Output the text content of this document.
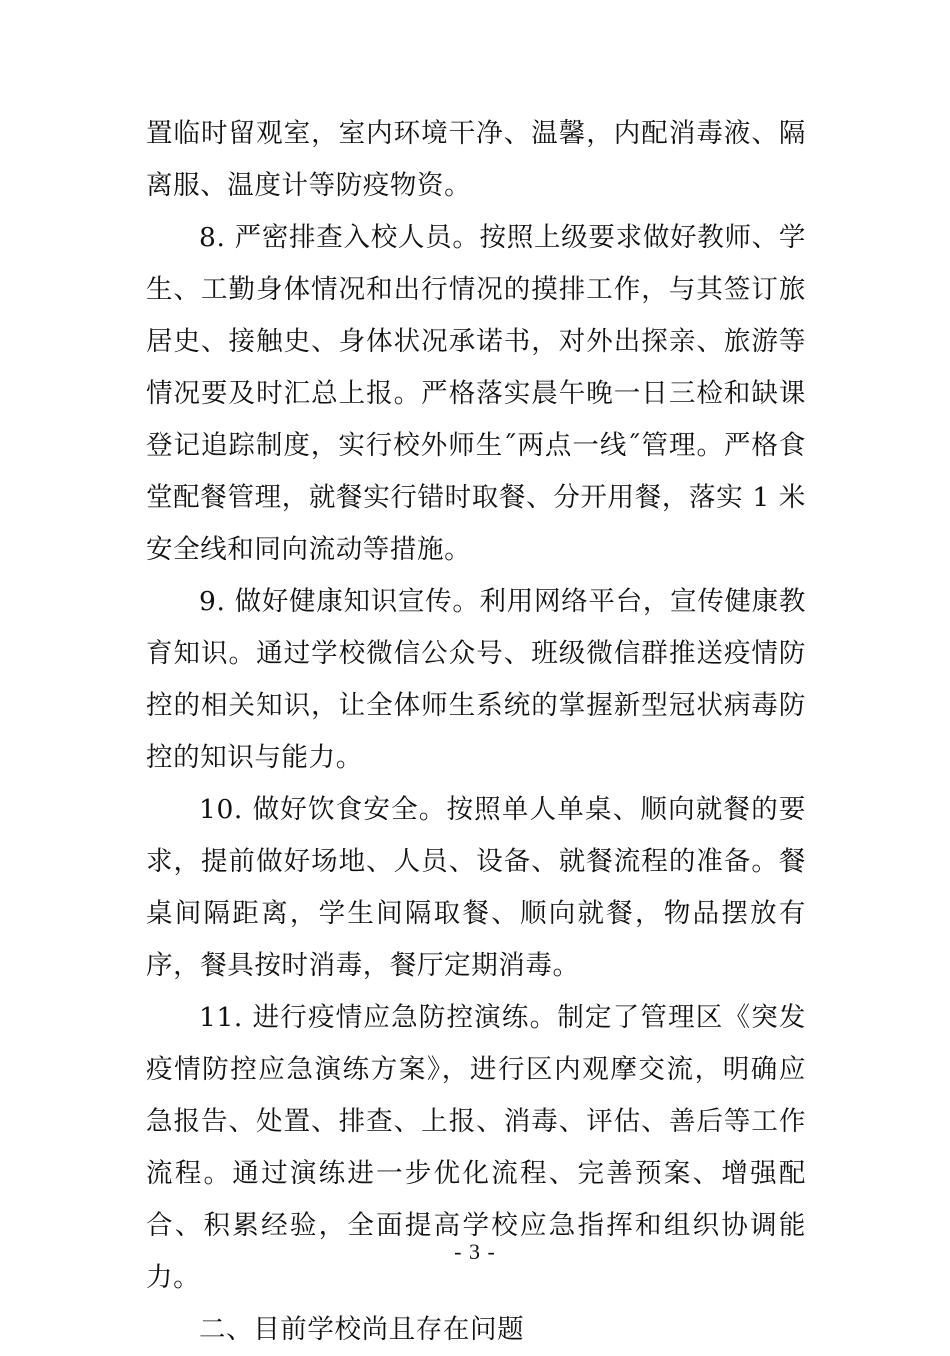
置临时留观室，室内环境干净、温馨，内配消毒液、隔离服、温度计等防疫物资。

8. 严密排查入校人员。按照上级要求做好教师、学生、工勤身体情况和出行情况的摸排工作，与其签订旅居史、接触史、身体状况承诺书，对外出探亲、旅游等情况要及时汇总上报。严格落实晨午晚一日三检和缺课登记追踪制度，实行校外师生˝两点一线˝管理。严格食堂配餐管理，就餐实行错时取餐、分开用餐，落实 1 米安全线和同向流动等措施。

9. 做好健康知识宣传。利用网络平台，宣传健康教育知识。通过学校微信公众号、班级微信群推送疫情防控的相关知识，让全体师生系统的掌握新型冠状病毒防控的知识与能力。

10. 做好饮食安全。按照单人单桌、顺向就餐的要求，提前做好场地、人员、设备、就餐流程的准备。餐桌间隔距离，学生间隔取餐、顺向就餐，物品摆放有序，餐具按时消毒，餐厅定期消毒。

11. 进行疫情应急防控演练。制定了管理区《突发疫情防控应急演练方案》，进行区内观摩交流，明确应急报告、处置、排查、上报、消毒、评估、善后等工作流程。通过演练进一步优化流程、完善预案、增强配合、积累经验，全面提高学校应急指挥和组织协调能力。

二、目前学校尚且存在问题

- 3 -
